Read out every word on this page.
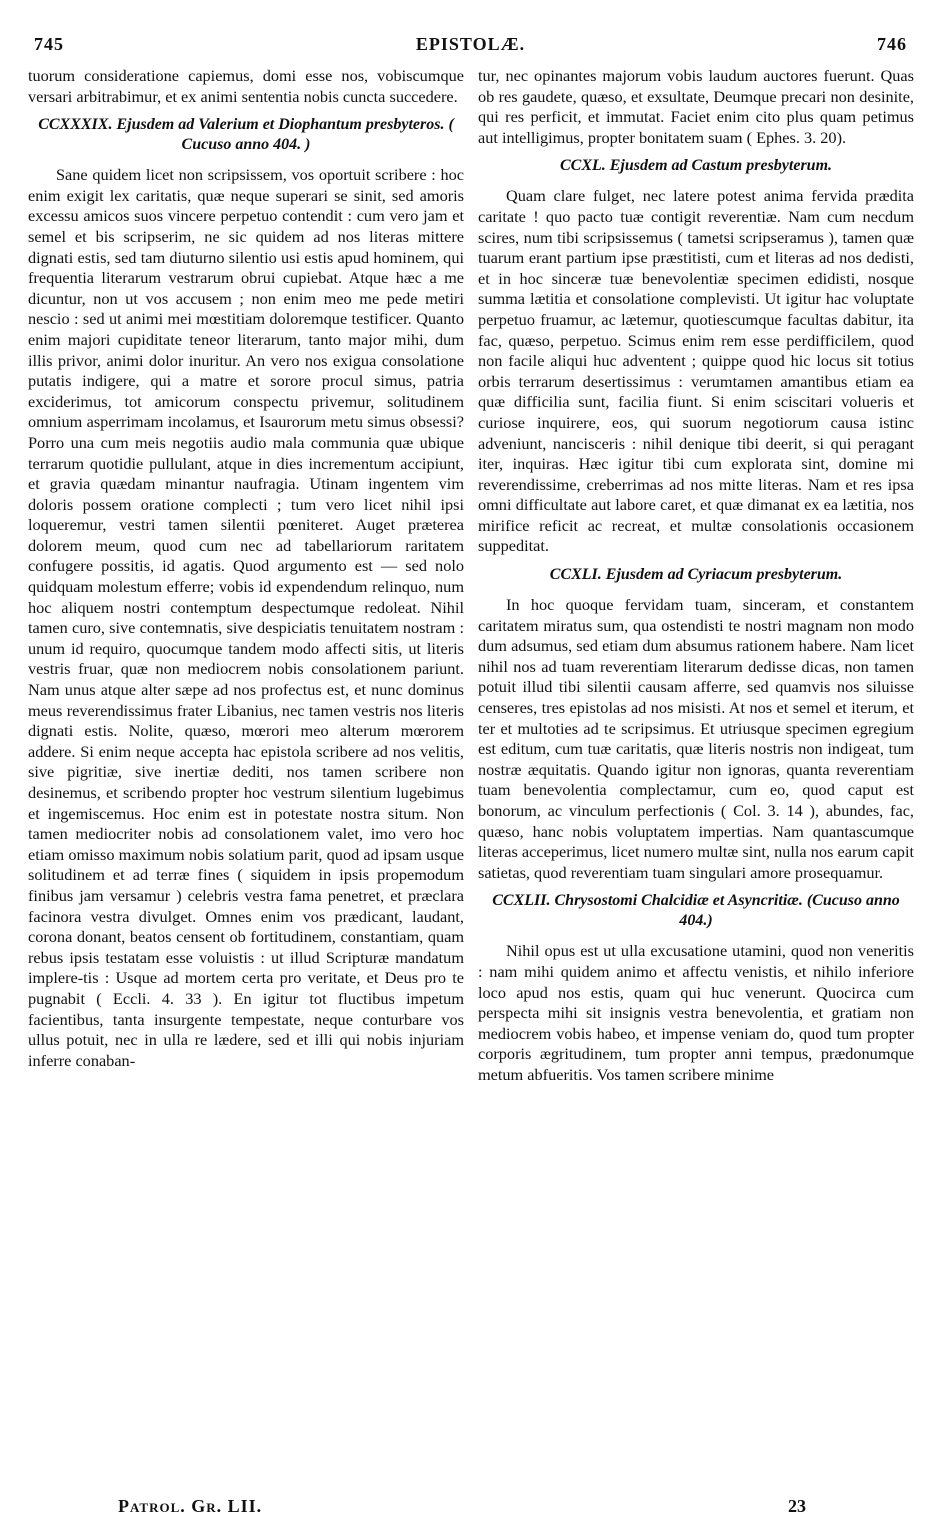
745	EPISTOLÆ.	746

tuorum consideratione capiemus, domi esse nos, vobiscumque versari arbitrabimur, et ex animi sententia nobis cuncta succedere.

CCXXXIX. Ejusdem ad Valerium et Diophantum presbyteros. ( Cucuso anno 404. )

Sane quidem licet non scripsissem, vos oportuit scribere : hoc enim exigit lex caritatis, quæ neque superari se sinit, sed amoris excessu amicos suos vincere perpetuo contendit : cum vero jam et semel et bis scripserim, ne sic quidem ad nos literas mittere dignati estis, sed tam diuturno silentio usi estis apud hominem, qui frequentia literarum vestrarum obrui cupiebat. Atque hæc a me dicuntur, non ut vos accusem ; non enim meo me pede metiri nescio : sed ut animi mei mœstitiam doloremque testificer. Quanto enim majori cupiditate teneor literarum, tanto major mihi, dum illis privor, animi dolor inuritur. An vero nos exigua consolatione putatis indigere, qui a matre et sorore procul simus, patria exciderimus, tot amicorum conspectu privemur, solitudinem omnium asperrimam incolamus, et Isaurorum metu simus obsessi? Porro una cum meis negotiis audio mala communia quæ ubique terrarum quotidie pullulant, atque in dies incrementum accipiunt, et gravia quædam minantur naufragia. Utinam ingentem vim doloris possem oratione complecti ; tum vero licet nihil ipsi loqueremur, vestri tamen silentii pœniteret. Auget præterea dolorem meum, quod cum nec ad tabellariorum raritatem confugere possitis, id agatis. Quod argumento est — sed nolo quidquam molestum efferre; vobis id expendendum relinquo, num hoc aliquem nostri contemptum despectumque redoleat. Nihil tamen curo, sive contemnatis, sive despiciatis tenuitatem nostram : unum id requiro, quocumque tandem modo affecti sitis, ut literis vestris fruar, quæ non mediocrem nobis consolationem pariunt. Nam unus atque alter sæpe ad nos profectus est, et nunc dominus meus reverendissimus frater Libanius, nec tamen vestris nos literis dignati estis. Nolite, quæso, mœrori meo alterum mœrorem addere. Si enim neque accepta hac epistola scribere ad nos velitis, sive pigritiæ, sive inertiæ dediti, nos tamen scribere non desinemus, et scribendo propter hoc vestrum silentium lugebimus et ingemiscemus. Hoc enim est in potestate nostra situm. Non tamen mediocriter nobis ad consolationem valet, imo vero hoc etiam omisso maximum nobis solatium parit, quod ad ipsam usque solitudinem et ad terræ fines ( siquidem in ipsis propemodum finibus jam versamur ) celebris vestra fama penetret, et præclara facinora vestra divulget. Omnes enim vos prædicant, laudant, corona donant, beatos censent ob fortitudinem, constantiam, quam rebus ipsis testatam esse voluistis : ut illud Scripturæ mandatum implere-tis : Usque ad mortem certa pro veritate, et Deus pro te pugnabit ( Eccli. 4. 33 ). En igitur tot fluctibus impetum facientibus, tanta insurgente tempestate, neque conturbare vos ullus potuit, nec in ulla re lædere, sed et illi qui nobis injuriam inferre conaban-

tur, nec opinantes majorum vobis laudum auctores fuerunt. Quas ob res gaudete, quæso, et exsultate, Deumque precari non desinite, qui res perficit, et immutat. Faciet enim cito plus quam petimus aut intelligimus, propter bonitatem suam ( Ephes. 3. 20).

CCXL. Ejusdem ad Castum presbyterum.

Quam clare fulget, nec latere potest anima fervida prædita caritate ! quo pacto tuæ contigit reverentiæ. Nam cum necdum scires, num tibi scripsissemus ( tametsi scripseramus ), tamen quæ tuarum erant partium ipse præstitisti, cum et literas ad nos dedisti, et in hoc sinceræ tuæ benevolentiæ specimen edidisti, nosque summa lætitia et consolatione complevisti. Ut igitur hac voluptate perpetuo fruamur, ac lætemur, quotiescumque facultas dabitur, ita fac, quæso, perpetuo. Scimus enim rem esse perdifficilem, quod non facile aliqui huc adventent ; quippe quod hic locus sit totius orbis terrarum desertissimus : verumtamen amantibus etiam ea quæ difficilia sunt, facilia fiunt. Si enim sciscitari volueris et curiose inquirere, eos, qui suorum negotiorum causa istinc adveniunt, nancisceris : nihil denique tibi deerit, si qui peragant iter, inquiras. Hæc igitur tibi cum explorata sint, domine mi reverendissime, creberrimas ad nos mitte literas. Nam et res ipsa omni difficultate aut labore caret, et quæ dimanat ex ea lætitia, nos mirifice reficit ac recreat, et multæ consolationis occasionem suppeditat.

CCXLI. Ejusdem ad Cyriacum presbyterum.

In hoc quoque fervidam tuam, sinceram, et constantem caritatem miratus sum, qua ostendisti te nostri magnam non modo dum adsumus, sed etiam dum absumus rationem habere. Nam licet nihil nos ad tuam reverentiam literarum dedisse dicas, non tamen potuit illud tibi silentii causam afferre, sed quamvis nos siluisse censeres, tres epistolas ad nos misisti. At nos et semel et iterum, et ter et multoties ad te scripsimus. Et utriusque specimen egregium est editum, cum tuæ caritatis, quæ literis nostris non indigeat, tum nostræ æquitatis. Quando igitur non ignoras, quanta reverentiam tuam benevolentia complectamur, cum eo, quod caput est bonorum, ac vinculum perfectionis ( Col. 3. 14 ), abundes, fac, quæso, hanc nobis voluptatem impertias. Nam quantascumque literas acceperimus, licet numero multæ sint, nulla nos earum capit satietas, quod reverentiam tuam singulari amore prosequamur.

CCXLII. Chrysostomi Chalcidiæ et Asyncritiæ. (Cucuso anno 404.)

Nihil opus est ut ulla excusatione utamini, quod non veneritis : nam mihi quidem animo et affectu venistis, et nihilo inferiore loco apud nos estis, quam qui huc venerunt. Quocirca cum perspecta mihi sit insignis vestra benevolentia, et gratiam non mediocrem vobis habeo, et impense veniam do, quod tum propter corporis ægritudinem, tum propter anni tempus, prædonumque metum abfueritis. Vos tamen scribere minime

Patrol. Gr. LII.	23
